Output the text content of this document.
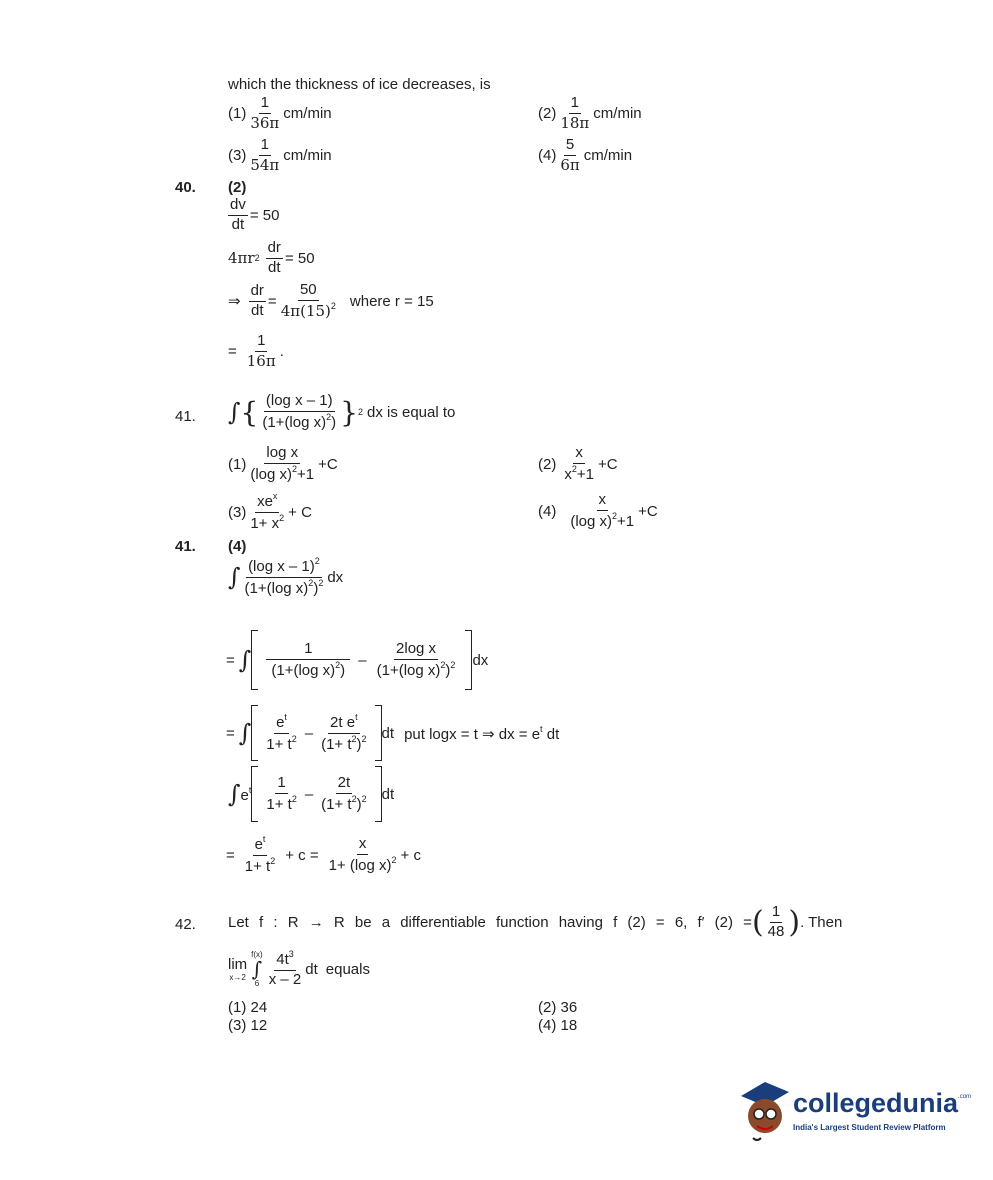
which the thickness of ice decreases, is
$(1) \frac{1}{36\pi} cm/\min$	$(2) \frac{1}{18\pi} cm/\min$
$(3) \frac{1}{54\pi} cm/\min$	$(4) \frac{5}{6\pi} cm/\min$
40. (2)
$\frac{dv}{dt} = 50$
4πr $2 \frac{dr}{dt} = 50$
⇒ $\frac{dr}{dt} = \frac{50}{4\pi(15)^2}$ where r = 15
= $\frac{1}{16\pi}$ .
41. ∫ { $\frac{\text{(log x – 1)}}{(1+(\log x)^2)}$ } 2 dx is equal to
$(1) \frac{\text{log x}}{(\log x)^2+1} +C$	$(2) \frac{x}{x^2+1} +C$
$(3) \frac{xe^x}{1+ x^2} + C$	$(4) \frac{x}{(\log x)^2+1} +C$
41. (4)
∫ $\frac{(\log x - 1)^2}{(1+(\log x)^2)^2}$ dx
= ∫ $\frac{1}{(1+(\log x)^2)} - \frac{\text{2log x}}{(1+(\log x)^2)^2}$ dx
= ∫ $\frac{e^t}{1+ t^2} - \frac{2t e^t}{(1+ t^2)^2}$ dt put logx = t ⇒ dx = $e^t$ dt
∫ $e^t \frac{1}{1+ t^2} - \frac{2t}{(1+ t^2)^2}$ dt
= $\frac{e^t}{1+ t^2} + c = \frac{x}{1+ (\log x)^2} + c$
42. Let f : R → R be a differentiable function having f (2) = 6, f′ (2) = ( $\frac{1}{48}$ ) . Then
lim
x→2
f(x)
∫
$6 \frac{4t^3}{x - 2}$ dt equals
(1) 24	(2) 36
(3) 12	(4) 18
collegedunia$^{.com}$
India's Largest Student Review Platform
